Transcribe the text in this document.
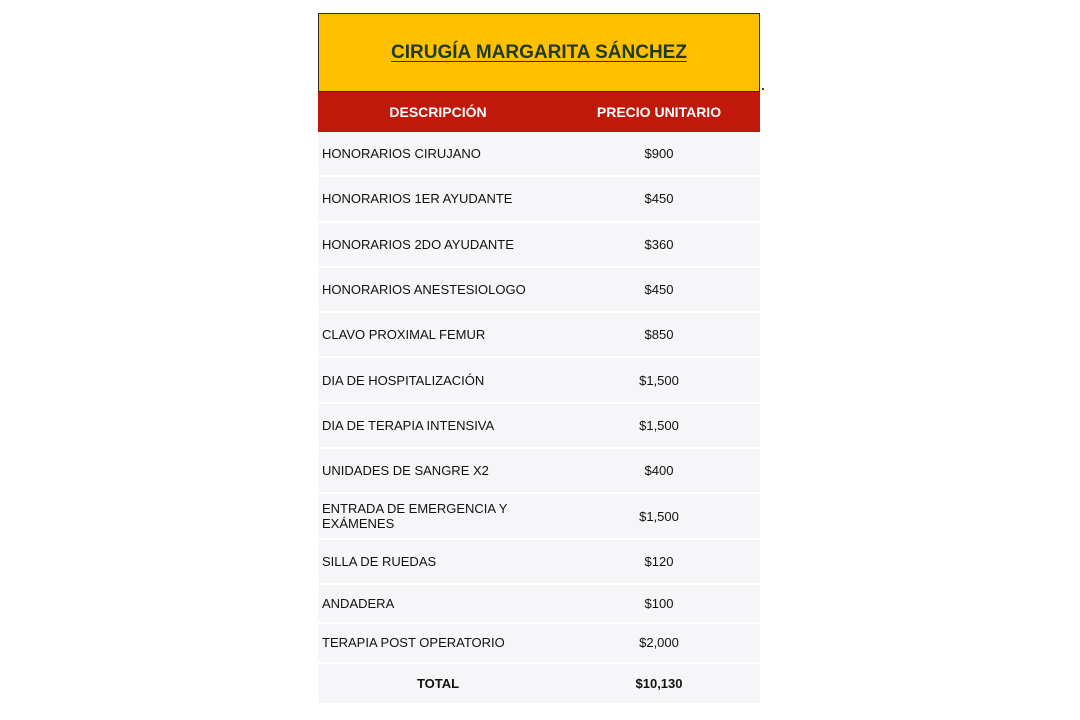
CIRUGÍA MARGARITA SÁNCHEZ
DESCRIPCIÓN	PRECIO UNITARIO
HONORARIOS CIRUJANO	$900
HONORARIOS 1ER AYUDANTE	$450
HONORARIOS 2DO AYUDANTE	$360
HONORARIOS ANESTESIOLOGO	$450
CLAVO PROXIMAL FEMUR	$850
DIA DE HOSPITALIZACIÓN	$1,500
DIA DE TERAPIA INTENSIVA	$1,500
UNIDADES DE SANGRE X2	$400
ENTRADA DE EMERGENCIA Y EXÁMENES	$1,500
SILLA DE RUEDAS	$120
ANDADERA	$100
TERAPIA POST OPERATORIO	$2,000
TOTAL	$10,130
